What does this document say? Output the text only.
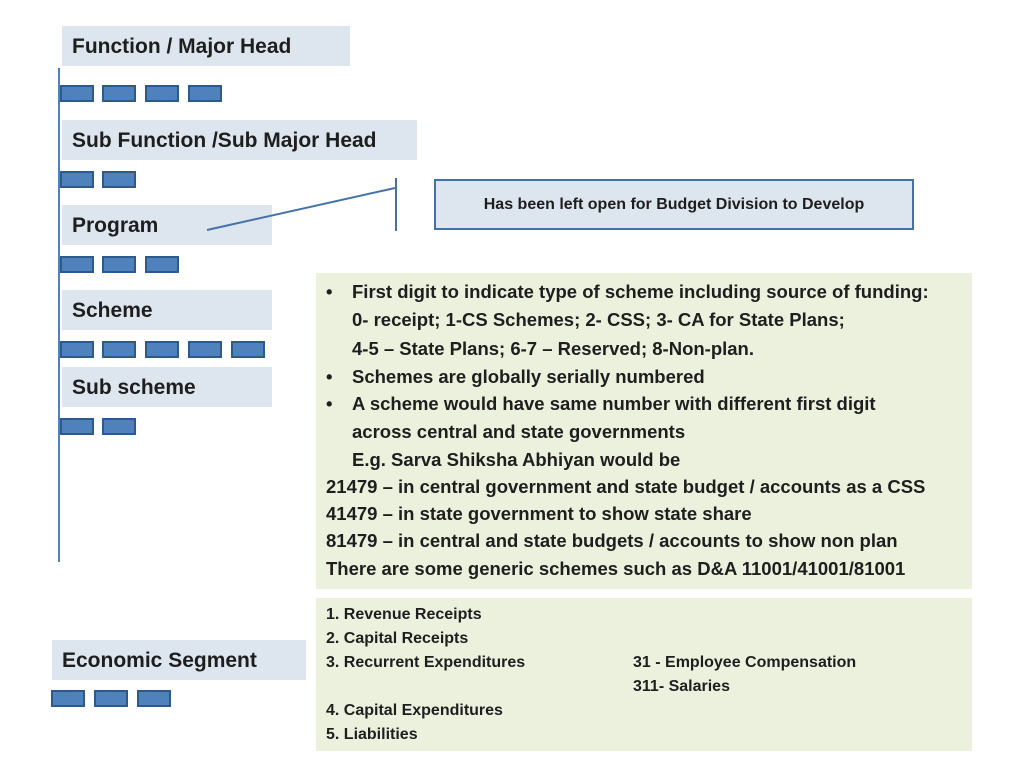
Function / Major Head
Sub Function /Sub Major Head
Program
Has been left open for Budget Division to Develop
Scheme
Sub scheme
• First digit to indicate type of scheme including source of funding:
0- receipt; 1-CS Schemes; 2- CSS; 3- CA for State Plans;
4-5 – State Plans; 6-7 – Reserved; 8-Non-plan.
• Schemes are globally serially numbered
• A scheme would have same number with different first digit
across central and state governments
E.g. Sarva Shiksha Abhiyan would be
21479 – in central government and state budget / accounts as a CSS
41479 – in state government to show state share
81479 – in central and state budgets / accounts to show non plan
There are some generic schemes such as D&A 11001/41001/81001
Economic Segment
1. Revenue Receipts
2. Capital Receipts
3. Recurrent Expenditures	31 - Employee Compensation
311- Salaries
4. Capital Expenditures
5. Liabilities
